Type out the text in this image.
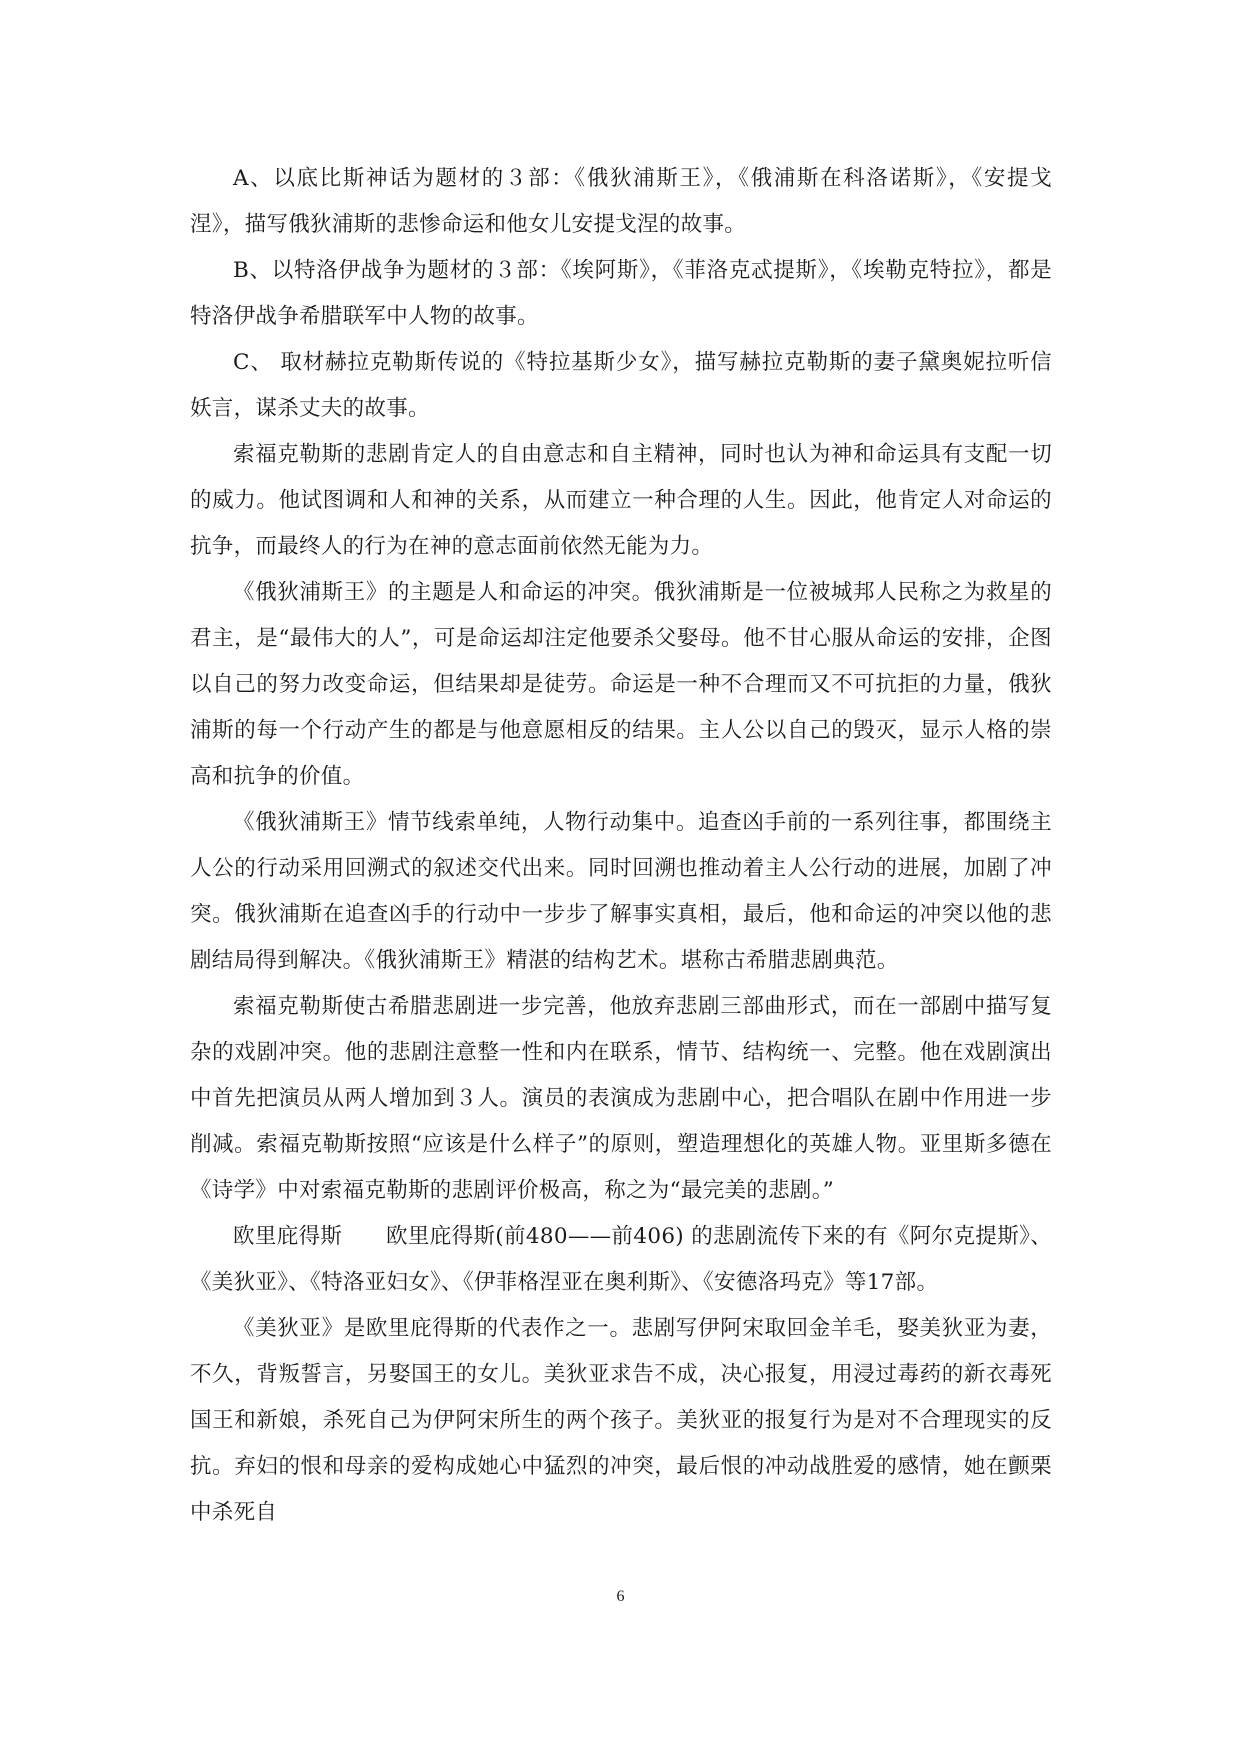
A、以底比斯神话为题材的３部：《俄狄浦斯王》，《俄浦斯在科洛诺斯》，《安提戈涅》，描写俄狄浦斯的悲惨命运和他女儿安提戈涅的故事。

B、以特洛伊战争为题材的３部：《埃阿斯》，《菲洛克忒提斯》，《埃勒克特拉》，都是特洛伊战争希腊联军中人物的故事。

C、 取材赫拉克勒斯传说的《特拉基斯少女》，描写赫拉克勒斯的妻子黛奥妮拉听信妖言，谋杀丈夫的故事。

索福克勒斯的悲剧肯定人的自由意志和自主精神，同时也认为神和命运具有支配一切的威力。他试图调和人和神的关系，从而建立一种合理的人生。因此，他肯定人对命运的抗争，而最终人的行为在神的意志面前依然无能为力。

《俄狄浦斯王》的主题是人和命运的冲突。俄狄浦斯是一位被城邦人民称之为救星的君主，是“最伟大的人”，可是命运却注定他要杀父娶母。他不甘心服从命运的安排，企图以自己的努力改变命运，但结果却是徒劳。命运是一种不合理而又不可抗拒的力量，俄狄浦斯的每一个行动产生的都是与他意愿相反的结果。主人公以自己的毁灭，显示人格的崇高和抗争的价值。

《俄狄浦斯王》情节线索单纯，人物行动集中。追查凶手前的一系列往事，都围绕主人公的行动采用回溯式的叙述交代出来。同时回溯也推动着主人公行动的进展，加剧了冲突。俄狄浦斯在追查凶手的行动中一步步了解事实真相，最后，他和命运的冲突以他的悲剧结局得到解决。《俄狄浦斯王》精湛的结构艺术。堪称古希腊悲剧典范。

索福克勒斯使古希腊悲剧进一步完善，他放弃悲剧三部曲形式，而在一部剧中描写复杂的戏剧冲突。他的悲剧注意整一性和内在联系，情节、结构统一、完整。他在戏剧演出中首先把演员从两人增加到３人。演员的表演成为悲剧中心，把合唱队在剧中作用进一步削减。索福克勒斯按照“应该是什么样子”的原则，塑造理想化的英雄人物。亚里斯多德在《诗学》中对索福克勒斯的悲剧评价极高，称之为“最完美的悲剧。”

欧里庇得斯　　欧里庇得斯(前480——前406) 的悲剧流传下来的有《阿尔克提斯》、《美狄亚》、《特洛亚妇女》、《伊菲格涅亚在奥利斯》、《安德洛玛克》等17部。

《美狄亚》是欧里庇得斯的代表作之一。悲剧写伊阿宋取回金羊毛，娶美狄亚为妻，不久，背叛誓言，另娶国王的女儿。美狄亚求告不成，决心报复，用浸过毒药的新衣毒死国王和新娘，杀死自己为伊阿宋所生的两个孩子。美狄亚的报复行为是对不合理现实的反抗。弃妇的恨和母亲的爱构成她心中猛烈的冲突，最后恨的冲动战胜爱的感情，她在颤栗中杀死自

6
